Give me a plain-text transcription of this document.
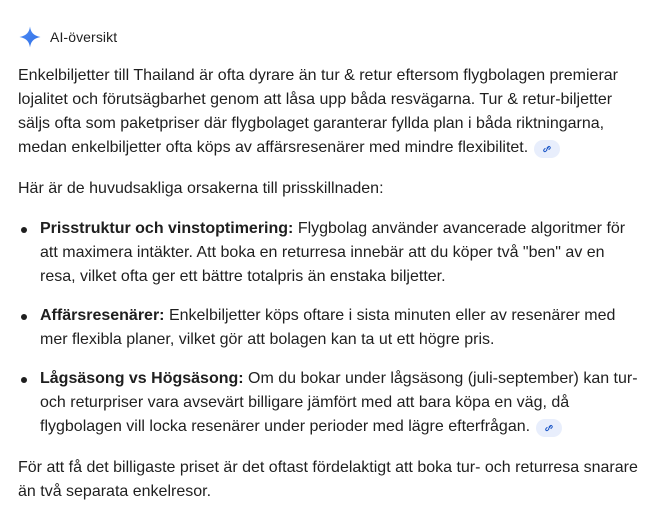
AI-översikt

Enkelbiljetter till Thailand är ofta dyrare än tur & retur eftersom flygbolagen premierar lojalitet och förutsägbarhet genom att låsa upp båda resvägarna. Tur & retur-biljetter säljs ofta som paketpriser där flygbolaget garanterar fyllda plan i båda riktningarna, medan enkelbiljetter ofta köps av affärsresenärer med mindre flexibilitet.

Här är de huvudsakliga orsakerna till prisskillnaden:

Prisstruktur och vinstoptimering: Flygbolag använder avancerade algoritmer för att maximera intäkter. Att boka en returresa innebär att du köper två "ben" av en resa, vilket ofta ger ett bättre totalpris än enstaka biljetter.
Affärsresenärer: Enkelbiljetter köps oftare i sista minuten eller av resenärer med mer flexibla planer, vilket gör att bolagen kan ta ut ett högre pris.
Lågsäsong vs Högsäsong: Om du bokar under lågsäsong (juli-september) kan tur- och returpriser vara avsevärt billigare jämfört med att bara köpa en väg, då flygbolagen vill locka resenärer under perioder med lägre efterfrågan.

För att få det billigaste priset är det oftast fördelaktigt att boka tur- och returresa snarare än två separata enkelresor.
